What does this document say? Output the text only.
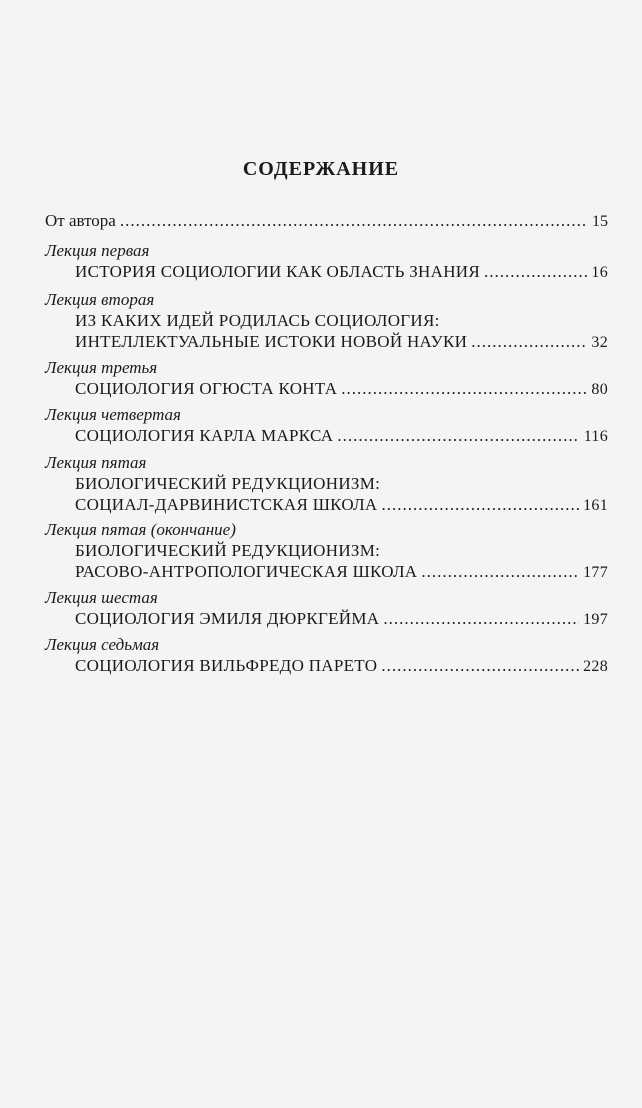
СОДЕРЖАНИЕ
От автора .....	15
Лекция первая
ИСТОРИЯ СОЦИОЛОГИИ КАК ОБЛАСТЬ ЗНАНИЯ .....	16
Лекция вторая
ИЗ КАКИХ ИДЕЙ РОДИЛАСЬ СОЦИОЛОГИЯ:
ИНТЕЛЛЕКТУАЛЬНЫЕ ИСТОКИ НОВОЙ НАУКИ .....	32
Лекция третья
СОЦИОЛОГИЯ ОГЮСТА КОНТА .....	80
Лекция четвертая
СОЦИОЛОГИЯ КАРЛА МАРКСА .....	116
Лекция пятая
БИОЛОГИЧЕСКИЙ РЕДУКЦИОНИЗМ:
СОЦИАЛ-ДАРВИНИСТСКАЯ ШКОЛА .....	161
Лекция пятая (окончание)
БИОЛОГИЧЕСКИЙ РЕДУКЦИОНИЗМ:
РАСОВО-АНТРОПОЛОГИЧЕСКАЯ ШКОЛА .....	177
Лекция шестая
СОЦИОЛОГИЯ ЭМИЛЯ ДЮРКГЕЙМА .....	197
Лекция седьмая
СОЦИОЛОГИЯ ВИЛЬФРЕДО ПАРЕТО .....	228
